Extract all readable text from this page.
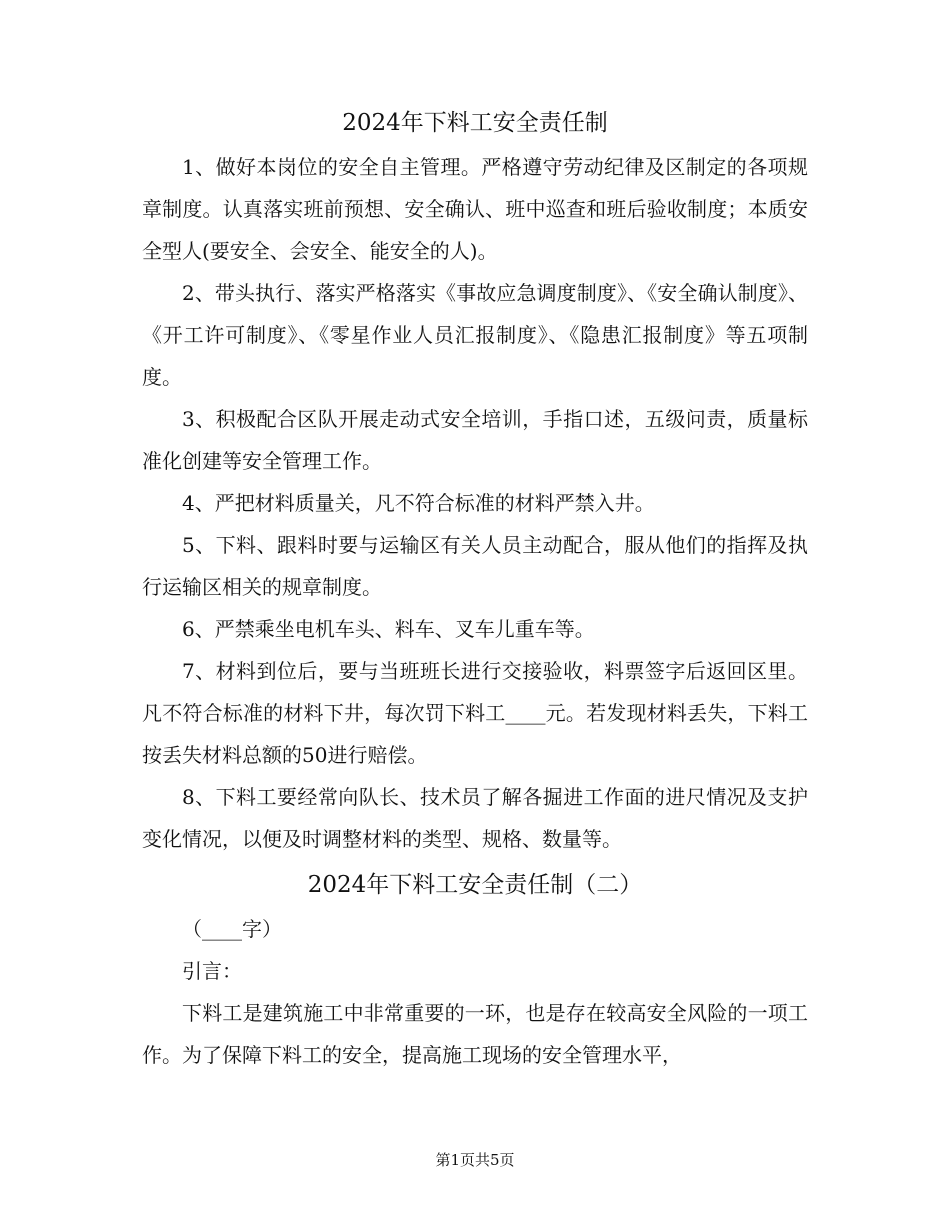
2024年下料工安全责任制

1、做好本岗位的安全自主管理。严格遵守劳动纪律及区制定的各项规章制度。认真落实班前预想、安全确认、班中巡查和班后验收制度；本质安全型人(要安全、会安全、能安全的人)。

2、带头执行、落实严格落实《事故应急调度制度》、《安全确认制度》、《开工许可制度》、《零星作业人员汇报制度》、《隐患汇报制度》等五项制度。

3、积极配合区队开展走动式安全培训，手指口述，五级问责，质量标准化创建等安全管理工作。

4、严把材料质量关，凡不符合标准的材料严禁入井。

5、下料、跟料时要与运输区有关人员主动配合，服从他们的指挥及执行运输区相关的规章制度。

6、严禁乘坐电机车头、料车、叉车儿重车等。

7、材料到位后，要与当班班长进行交接验收，料票签字后返回区里。凡不符合标准的材料下井，每次罚下料工____元。若发现材料丢失，下料工按丢失材料总额的50进行赔偿。

8、下料工要经常向队长、技术员了解各掘进工作面的进尺情况及支护变化情况，以便及时调整材料的类型、规格、数量等。

2024年下料工安全责任制（二）

（____字）

引言：

下料工是建筑施工中非常重要的一环，也是存在较高安全风险的一项工作。为了保障下料工的安全，提高施工现场的安全管理水平，

第1页共5页
